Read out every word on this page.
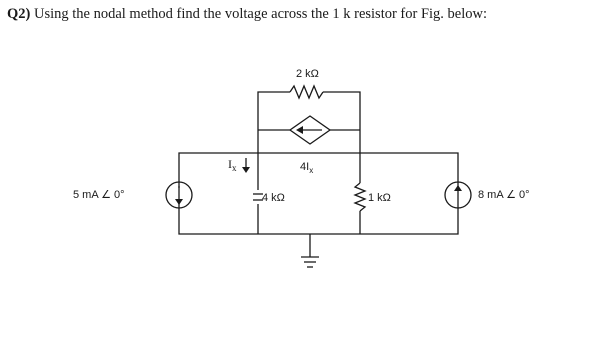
Q2) Using the nodal method find the voltage across the 1 k resistor for Fig. below:
2 kΩ
$4I_x$
5 mA ∠ 0°	4 kΩ
$I_x$
1 kΩ	8 mA ∠ 0°
